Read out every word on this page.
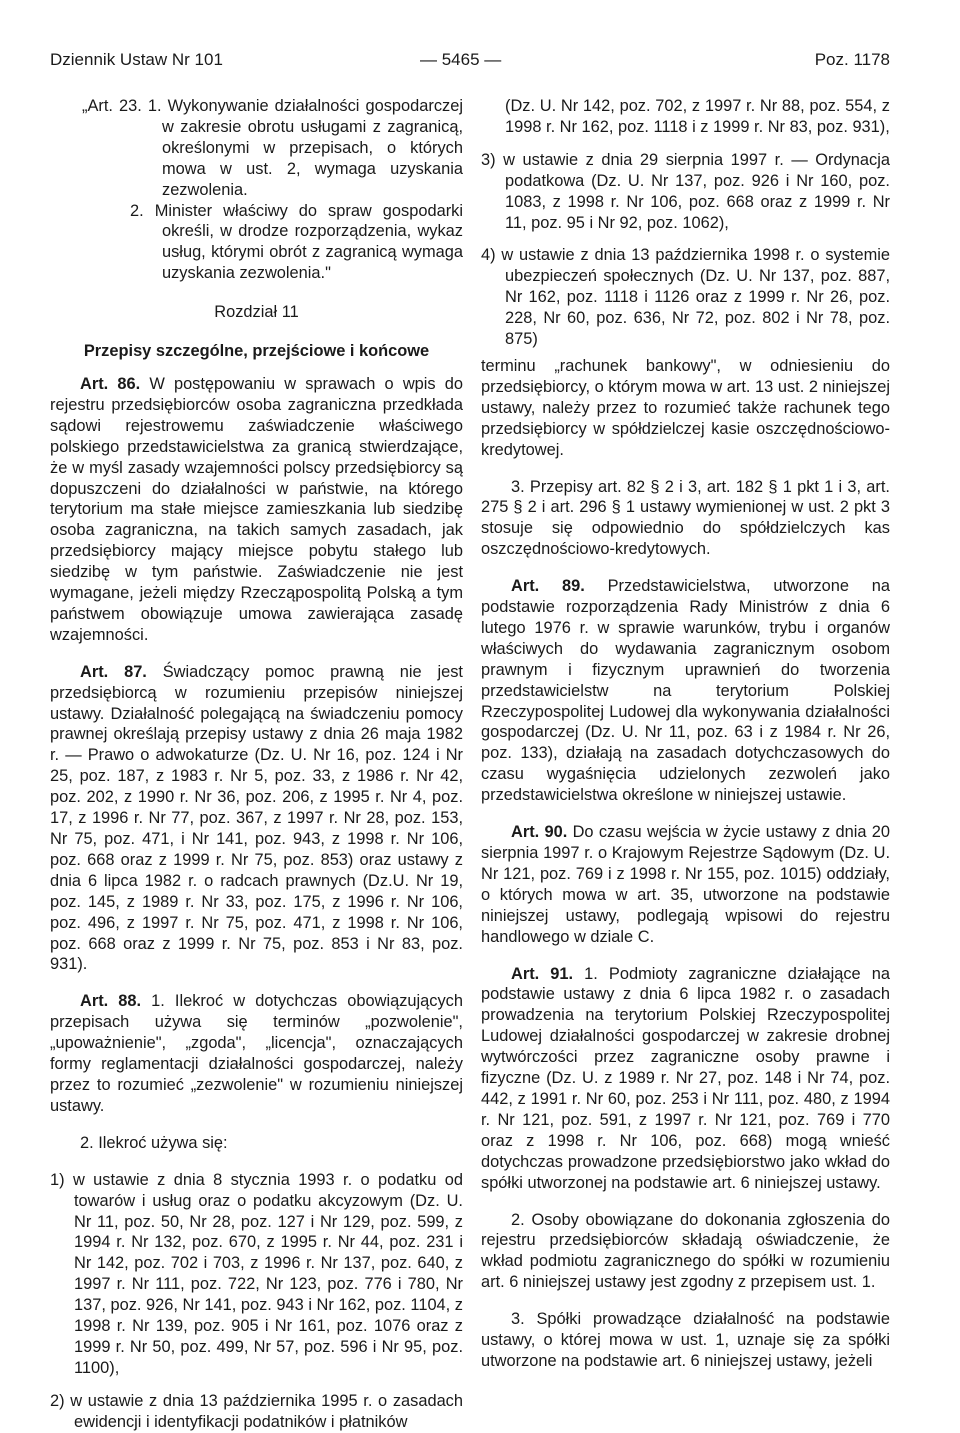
Dziennik Ustaw Nr 101	— 5465 —	Poz. 1178

„Art. 23. 1. Wykonywanie działalności gospodarczej w zakresie obrotu usługami z zagranicą, określonymi w przepisach, o których mowa w ust. 2, wymaga uzyskania zezwolenia.

2. Minister właściwy do spraw gospodarki określi, w drodze rozporządzenia, wykaz usług, którymi obrót z zagranicą wymaga uzyskania zezwolenia."

Rozdział 11

Przepisy szczególne, przejściowe i końcowe

Art. 86. W postępowaniu w sprawach o wpis do rejestru przedsiębiorców osoba zagraniczna przedkłada sądowi rejestrowemu zaświadczenie właściwego polskiego przedstawicielstwa za granicą stwierdzające, że w myśl zasady wzajemności polscy przedsiębiorcy są dopuszczeni do działalności w państwie, na którego terytorium ma stałe miejsce zamieszkania lub siedzibę osoba zagraniczna, na takich samych zasadach, jak przedsiębiorcy mający miejsce pobytu stałego lub siedzibę w tym państwie. Zaświadczenie nie jest wymagane, jeżeli między Rzecząpospolitą Polską a tym państwem obowiązuje umowa zawierająca zasadę wzajemności.

Art. 87. Świadczący pomoc prawną nie jest przedsiębiorcą w rozumieniu przepisów niniejszej ustawy. Działalność polegającą na świadczeniu pomocy prawnej określają przepisy ustawy z dnia 26 maja 1982 r. — Prawo o adwokaturze (Dz. U. Nr 16, poz. 124 i Nr 25, poz. 187, z 1983 r. Nr 5, poz. 33, z 1986 r. Nr 42, poz. 202, z 1990 r. Nr 36, poz. 206, z 1995 r. Nr 4, poz. 17, z 1996 r. Nr 77, poz. 367, z 1997 r. Nr 28, poz. 153, Nr 75, poz. 471, i Nr 141, poz. 943, z 1998 r. Nr 106, poz. 668 oraz z 1999 r. Nr 75, poz. 853) oraz ustawy z dnia 6 lipca 1982 r. o radcach prawnych (Dz.U. Nr 19, poz. 145, z 1989 r. Nr 33, poz. 175, z 1996 r. Nr 106, poz. 496, z 1997 r. Nr 75, poz. 471, z 1998 r. Nr 106, poz. 668 oraz z 1999 r. Nr 75, poz. 853 i Nr 83, poz. 931).

Art. 88. 1. Ilekroć w dotychczas obowiązujących przepisach używa się terminów „pozwolenie", „upoważnienie", „zgoda", „licencja", oznaczających formy reglamentacji działalności gospodarczej, należy przez to rozumieć „zezwolenie" w rozumieniu niniejszej ustawy.

2. Ilekroć używa się:

1) w ustawie z dnia 8 stycznia 1993 r. o podatku od towarów i usług oraz o podatku akcyzowym (Dz. U. Nr 11, poz. 50, Nr 28, poz. 127 i Nr 129, poz. 599, z 1994 r. Nr 132, poz. 670, z 1995 r. Nr 44, poz. 231 i Nr 142, poz. 702 i 703, z 1996 r. Nr 137, poz. 640, z 1997 r. Nr 111, poz. 722, Nr 123, poz. 776 i 780, Nr 137, poz. 926, Nr 141, poz. 943 i Nr 162, poz. 1104, z 1998 r. Nr 139, poz. 905 i Nr 161, poz. 1076 oraz z 1999 r. Nr 50, poz. 499, Nr 57, poz. 596 i Nr 95, poz. 1100),

2) w ustawie z dnia 13 października 1995 r. o zasadach ewidencji i identyfikacji podatników i płatników

(Dz. U. Nr 142, poz. 702, z 1997 r. Nr 88, poz. 554, z 1998 r. Nr 162, poz. 1118 i z 1999 r. Nr 83, poz. 931),

3) w ustawie z dnia 29 sierpnia 1997 r. — Ordynacja podatkowa (Dz. U. Nr 137, poz. 926 i Nr 160, poz. 1083, z 1998 r. Nr 106, poz. 668 oraz z 1999 r. Nr 11, poz. 95 i Nr 92, poz. 1062),

4) w ustawie z dnia 13 października 1998 r. o systemie ubezpieczeń społecznych (Dz. U. Nr 137, poz. 887, Nr 162, poz. 1118 i 1126 oraz z 1999 r. Nr 26, poz. 228, Nr 60, poz. 636, Nr 72, poz. 802 i Nr 78, poz. 875)

terminu „rachunek bankowy", w odniesieniu do przedsiębiorcy, o którym mowa w art. 13 ust. 2 niniejszej ustawy, należy przez to rozumieć także rachunek tego przedsiębiorcy w spółdzielczej kasie oszczędnościowo-kredytowej.

3. Przepisy art. 82 § 2 i 3, art. 182 § 1 pkt 1 i 3, art. 275 § 2 i art. 296 § 1 ustawy wymienionej w ust. 2 pkt 3 stosuje się odpowiednio do spółdzielczych kas oszczędnościowo-kredytowych.

Art. 89. Przedstawicielstwa, utworzone na podstawie rozporządzenia Rady Ministrów z dnia 6 lutego 1976 r. w sprawie warunków, trybu i organów właściwych do wydawania zagranicznym osobom prawnym i fizycznym uprawnień do tworzenia przedstawicielstw na terytorium Polskiej Rzeczypospolitej Ludowej dla wykonywania działalności gospodarczej (Dz. U. Nr 11, poz. 63 i z 1984 r. Nr 26, poz. 133), działają na zasadach dotychczasowych do czasu wygaśnięcia udzielonych zezwoleń jako przedstawicielstwa określone w niniejszej ustawie.

Art. 90. Do czasu wejścia w życie ustawy z dnia 20 sierpnia 1997 r. o Krajowym Rejestrze Sądowym (Dz. U. Nr 121, poz. 769 i z 1998 r. Nr 155, poz. 1015) oddziały, o których mowa w art. 35, utworzone na podstawie niniejszej ustawy, podlegają wpisowi do rejestru handlowego w dziale C.

Art. 91. 1. Podmioty zagraniczne działające na podstawie ustawy z dnia 6 lipca 1982 r. o zasadach prowadzenia na terytorium Polskiej Rzeczypospolitej Ludowej działalności gospodarczej w zakresie drobnej wytwórczości przez zagraniczne osoby prawne i fizyczne (Dz. U. z 1989 r. Nr 27, poz. 148 i Nr 74, poz. 442, z 1991 r. Nr 60, poz. 253 i Nr 111, poz. 480, z 1994 r. Nr 121, poz. 591, z 1997 r. Nr 121, poz. 769 i 770 oraz z 1998 r. Nr 106, poz. 668) mogą wnieść dotychczas prowadzone przedsiębiorstwo jako wkład do spółki utworzonej na podstawie art. 6 niniejszej ustawy.

2. Osoby obowiązane do dokonania zgłoszenia do rejestru przedsiębiorców składają oświadczenie, że wkład podmiotu zagranicznego do spółki w rozumieniu art. 6 niniejszej ustawy jest zgodny z przepisem ust. 1.

3. Spółki prowadzące działalność na podstawie ustawy, o której mowa w ust. 1, uznaje się za spółki utworzone na podstawie art. 6 niniejszej ustawy, jeżeli
